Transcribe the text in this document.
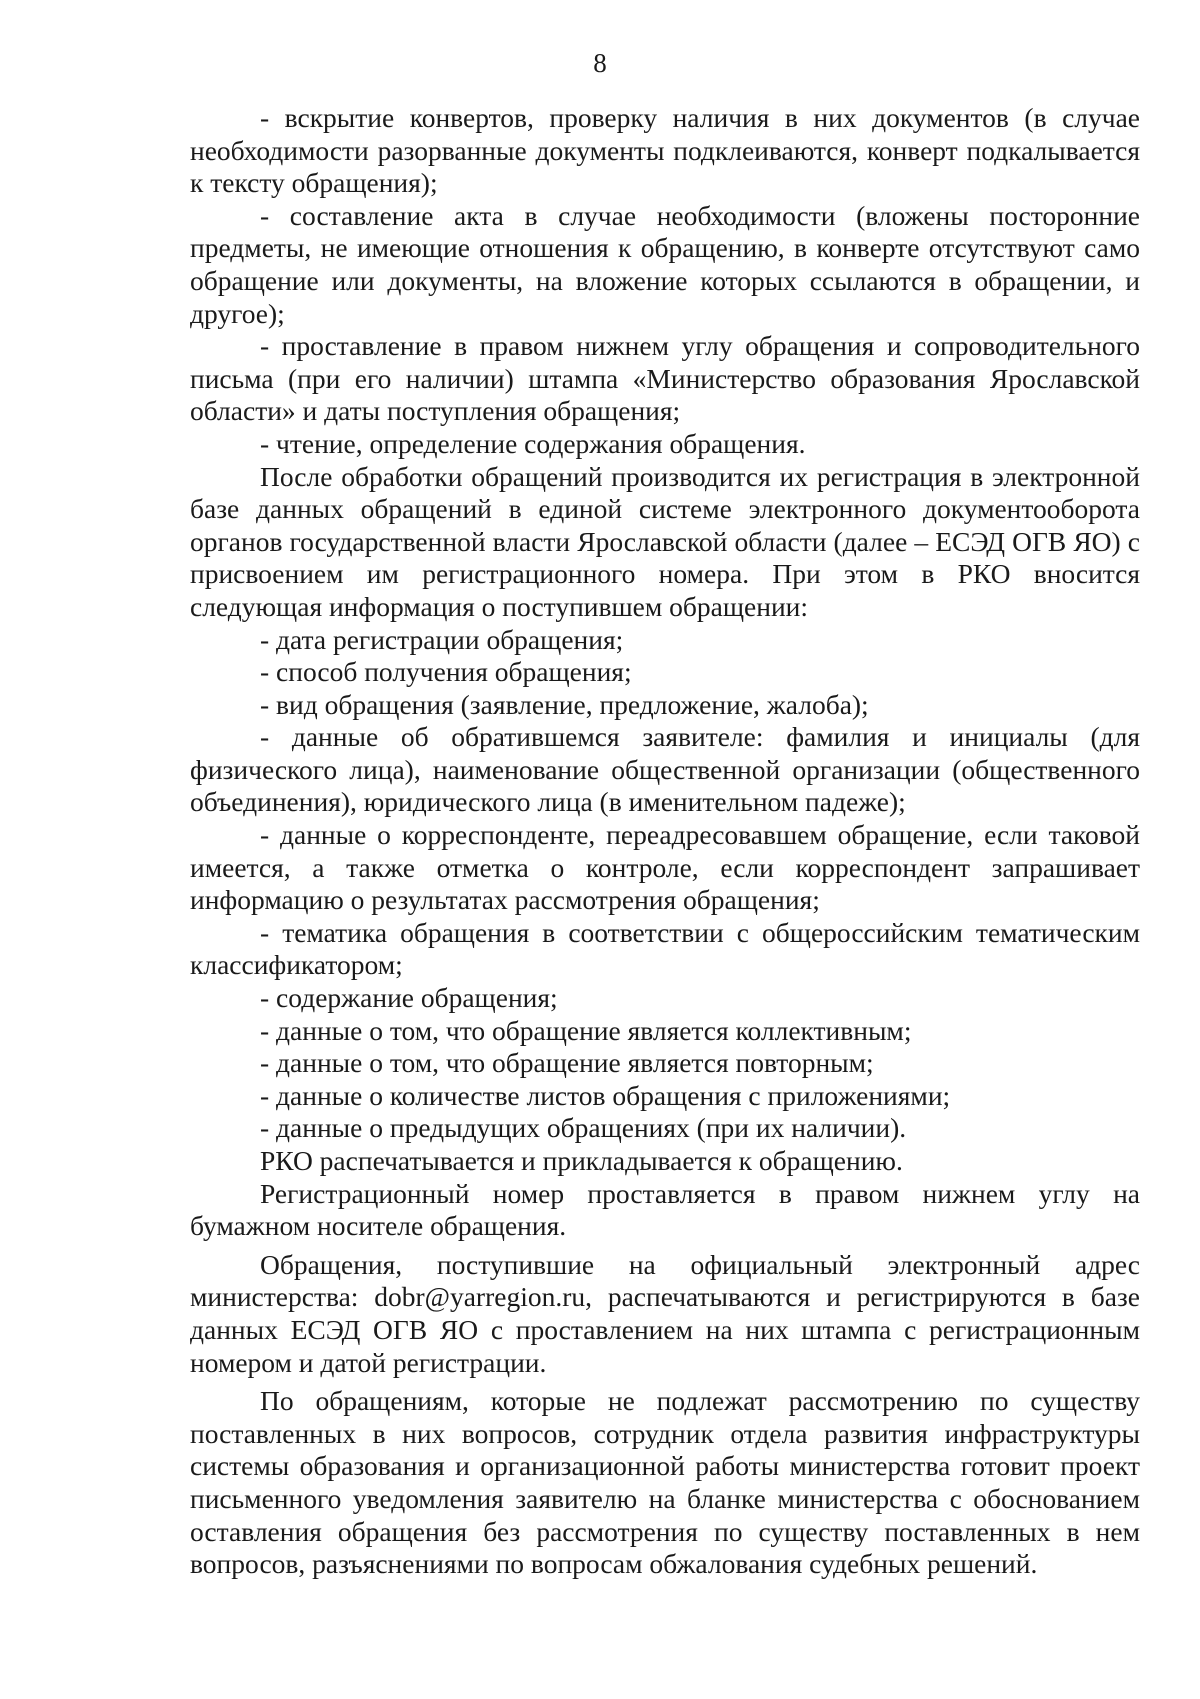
8

- вскрытие конвертов, проверку наличия в них документов (в случае необходимости разорванные документы подклеиваются, конверт подкалывается к тексту обращения);

- составление акта в случае необходимости (вложены посторонние предметы, не имеющие отношения к обращению, в конверте отсутствуют само обращение или документы, на вложение которых ссылаются в обращении, и другое);

- проставление в правом нижнем углу обращения и сопроводительного письма (при его наличии) штампа «Министерство образования Ярославской области» и даты поступления обращения;

- чтение, определение содержания обращения.

После обработки обращений производится их регистрация в электронной базе данных обращений в единой системе электронного документооборота органов государственной власти Ярославской области (далее – ЕСЭД ОГВ ЯО) с присвоением им регистрационного номера. При этом в РКО вносится следующая информация о поступившем обращении:

- дата регистрации обращения;

- способ получения обращения;

- вид обращения (заявление, предложение, жалоба);

- данные об обратившемся заявителе: фамилия и инициалы (для физического лица), наименование общественной организации (общественного объединения), юридического лица (в именительном падеже);

- данные о корреспонденте, переадресовавшем обращение, если таковой имеется, а также отметка о контроле, если корреспондент запрашивает информацию о результатах рассмотрения обращения;

- тематика обращения в соответствии с общероссийским тематическим классификатором;

- содержание обращения;

- данные о том, что обращение является коллективным;

- данные о том, что обращение является повторным;

- данные о количестве листов обращения с приложениями;

- данные о предыдущих обращениях (при их наличии).

РКО распечатывается и прикладывается к обращению.

Регистрационный номер проставляется в правом нижнем углу на бумажном носителе обращения.

Обращения, поступившие на официальный электронный адрес министерства: dobr@yarregion.ru, распечатываются и регистрируются в базе данных ЕСЭД ОГВ ЯО с проставлением на них штампа с регистрационным номером и датой регистрации.

По обращениям, которые не подлежат рассмотрению по существу поставленных в них вопросов, сотрудник отдела развития инфраструктуры системы образования и организационной работы министерства готовит проект письменного уведомления заявителю на бланке министерства с обоснованием оставления обращения без рассмотрения по существу поставленных в нем вопросов, разъяснениями по вопросам обжалования судебных решений.
